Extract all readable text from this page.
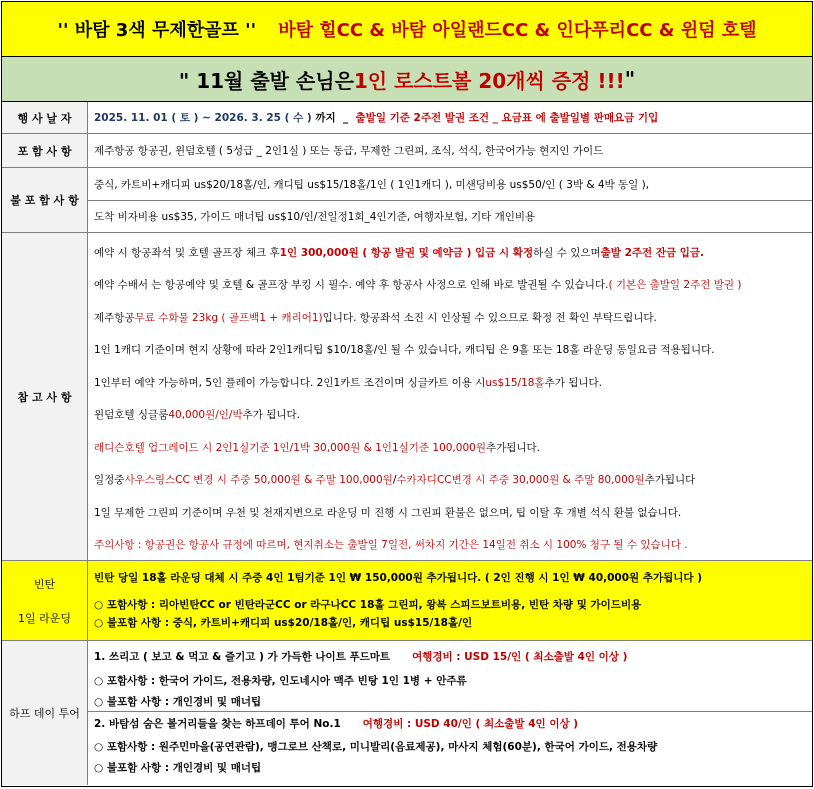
'' 바탐 3색 무제한골프 '' 바탐 힐CC & 바탐 아일랜드CC & 인다푸리CC & 윈덤 호텔
" 11월 출발 손님은 1인 로스트볼 20개씩 증정 !!! "
행 사 날 자	2025. 11. 01 ( 토 ) ~ 2026. 3. 25 ( 수 ) 까지  _ 출발일 기준 2주전 발권 조건 _ 요금표 에 출발일별 판매요금 기입
포 함 사 항	제주항공 항공권, 윈덤호텔 ( 5성급 _ 2인1실 ) 또는 동급, 무제한 그린피, 조식, 석식, 한국어가능 현지인 가이드
불 포 함 사 항
중식, 카트비+캐디피 us$20/18홀/인, 캐디팁 us$15/18홀/1인 ( 1인1캐디 ), 미샌딩비용 us$50/인 ( 3박 & 4박 동일 ),
도착 비자비용 us$35, 가이드 매너팁 us$10/인/전일정1회_4인기준, 여행자보험, 기타 개인비용
참 고 사 항
예약 시 항공좌석 및 호텔 골프장 체크 후 1인 300,000원 ( 항공 발권 및 예약금 ) 입금 시 확정 하실 수 있으며 출발 2주전 잔금 입금.
예약 수배서 는 항공예약 및 호텔 & 골프장 부킹 시 필수. 예약 후 항공사 사정으로 인해 바로 발권될 수 있습니다. ( 기본은 출발일 2주전 발권 )
제주항공 무료 수화물 23kg ( 골프백1 + 캐리어1) 입니다. 항공좌석 소진 시 인상될 수 있으므로 확정 전 확인 부탁드립니다.
1인 1캐디 기준이며 현지 상황에 따라 2인1캐디팁 $10/18홀/인 될 수 있습니다, 캐디팁 은 9홀 또는 18홀 라운딩 동일요금 적용됩니다.
1인부터 예약 가능하며, 5인 플레이 가능합니다. 2인1카트 조건이며 싱글카트 이용 시 us$15/18홀 추가 됩니다.
윈덤호텔 싱글룸 40,000원/인/박 추가 됩니다.
래디슨호텔 업그레이드 시 2인1실기준 1인/1박 30,000원 & 1인1실기준 100,000원 추가됩니다.
일정중 사우스링스CC 변경 시 주중 50,000원 & 주말 100,000원 / 수카자디CC변경 시 주중 30,000원 & 주말 80,000원 추가됩니다
1일 무제한 그린피 기준이며 우천 및 천재지변으로 라운딩 미 진행 시 그린피 환불은 없으며, 팁 이탈 후 개별 석식 환불 없습니다.
주의사항 : 항공권은 항공사 규정에 따르며, 현지취소는 출발일 7일전, 써차지 기간은 14일전 취소 시 100% 청구 될 수 있습니다 .
빈탄
1일 라운딩
빈탄 당일 18홀 라운딩 대체 시 주중 4인 1팀기준 1인 ₩ 150,000원 추가됩니다. ( 2인 진행 시 1인 ₩ 40,000원 추가됩니다 )
○ 포함사항 : 리아빈탄CC or 빈탄라군CC or 라구나CC 18홀 그린피, 왕복 스피드보트비용, 빈탄 차량 및 가이드비용
○ 불포함 사항 : 중식, 카트비+캐디피 us$20/18홀/인, 캐디팁 us$15/18홀/인
하프 데이 투어
1. 쓰리고 ( 보고 & 먹고 & 즐기고 ) 가 가득한 나이트 푸드마트 여행경비 : USD 15/인 ( 최소출발 4인 이상 )
○ 포함사항 : 한국어 가이드, 전용차량, 인도네시아 맥주 빈탕 1인 1병 + 안주류
○ 불포함 사항 : 개인경비 및 매너팁
2. 바탐섬 숨은 볼거리들을 찾는 하프데이 투어 No.1 여행경비 : USD 40/인 ( 최소출발 4인 이상 )
○ 포함사항 : 원주민마을(공연관람), 맹그로브 산책로, 미니발리(음료제공), 마사지 체험(60분), 한국어 가이드, 전용차량
○ 불포함 사항 : 개인경비 및 매너팁
